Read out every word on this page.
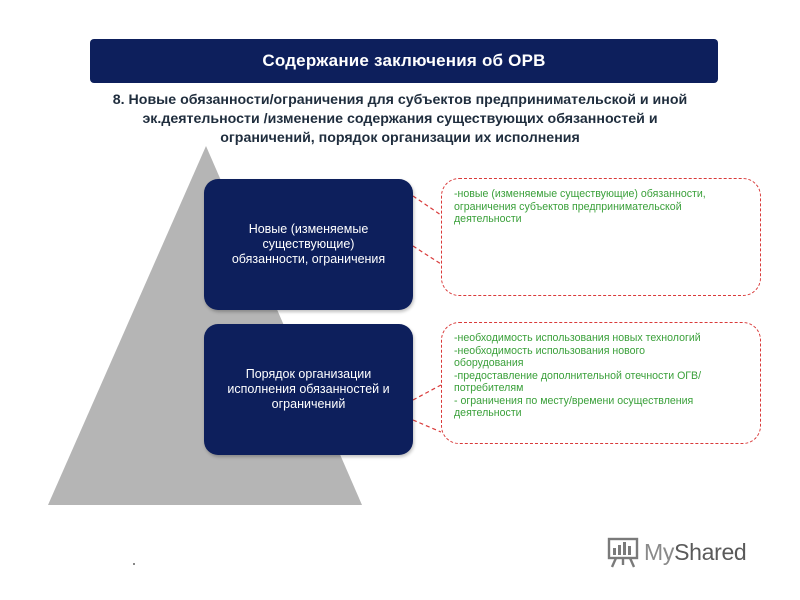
Содержание заключения об ОРВ
8. Новые обязанности/ограничения для субъектов предпринимательской и иной
эк.деятельности /изменение содержания существующих обязанностей и
ограничений, порядок организации их исполнения
Новые (изменяемые
существующие)
обязанности, ограничения
Порядок организации
исполнения обязанностей и
ограничений
-новые (изменяемые существующие) обязанности,
ограничения субъектов предпринимательской
деятельности
-необходимость использования новых технологий
-необходимость использования нового
оборудования
-предоставление дополнительной отечности ОГВ/
потребителям
- ограничения по месту/времени осуществления
деятельности
MyShared
